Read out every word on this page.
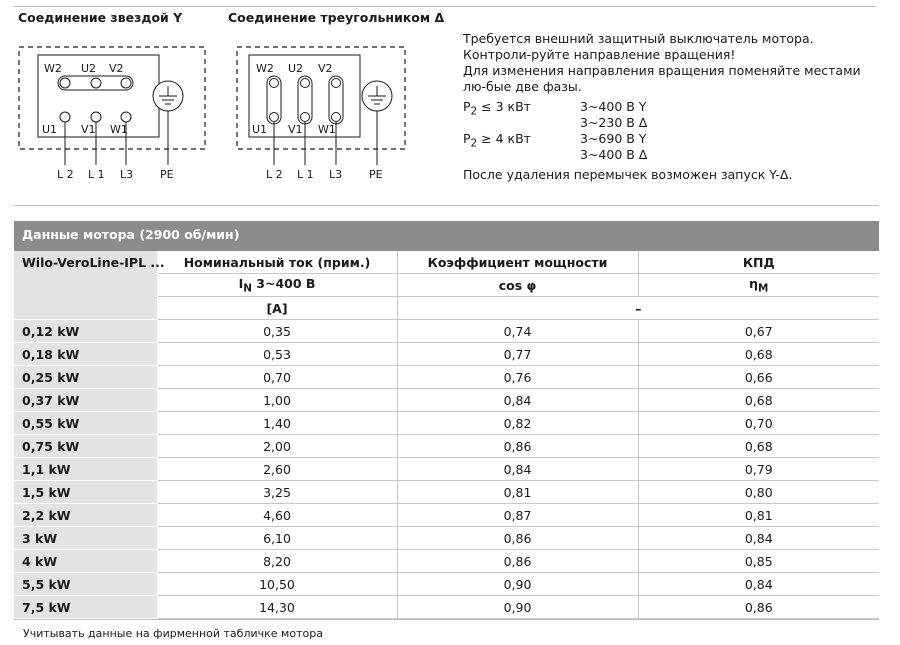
Соединение звездой Y	Соединение треугольником Δ
W2 U2 V2
U1 V1 W1
L 2 L 1 L3 PE
W2 U2 V2
U1 V1 W1
L 2 L 1 L3 PE

Требуется внешний защитный выключатель мотора. Контроли-руйте направление вращения!

Для изменения направления вращения поменяйте местами лю-бые две фазы.

$P_2 \le 3$ кВт	3~400 В Y
3~230 В Δ

$P_2 \ge 4$ кВт	3~690 В Y
3~400 В Δ

После удаления перемычек возможен запуск Y-Δ.

Данные мотора (2900 об/мин)
Wilo-VeroLine-IPL ...	Номинальный ток (прим.)	Коэффициент мощности	КПД
	$I_N$ 3~400 В	cos φ	$\eta_M$
	[A]	–	
0,12 kW	0,35	0,74	0,67
0,18 kW	0,53	0,77	0,68
0,25 kW	0,70	0,76	0,66
0,37 kW	1,00	0,84	0,68
0,55 kW	1,40	0,82	0,70
0,75 kW	2,00	0,86	0,68
1,1 kW	2,60	0,84	0,79
1,5 kW	3,25	0,81	0,80
2,2 kW	4,60	0,87	0,81
3 kW	6,10	0,86	0,84
4 kW	8,20	0,86	0,85
5,5 kW	10,50	0,90	0,84
7,5 kW	14,30	0,90	0,86
Учитывать данные на фирменной табличке мотора
